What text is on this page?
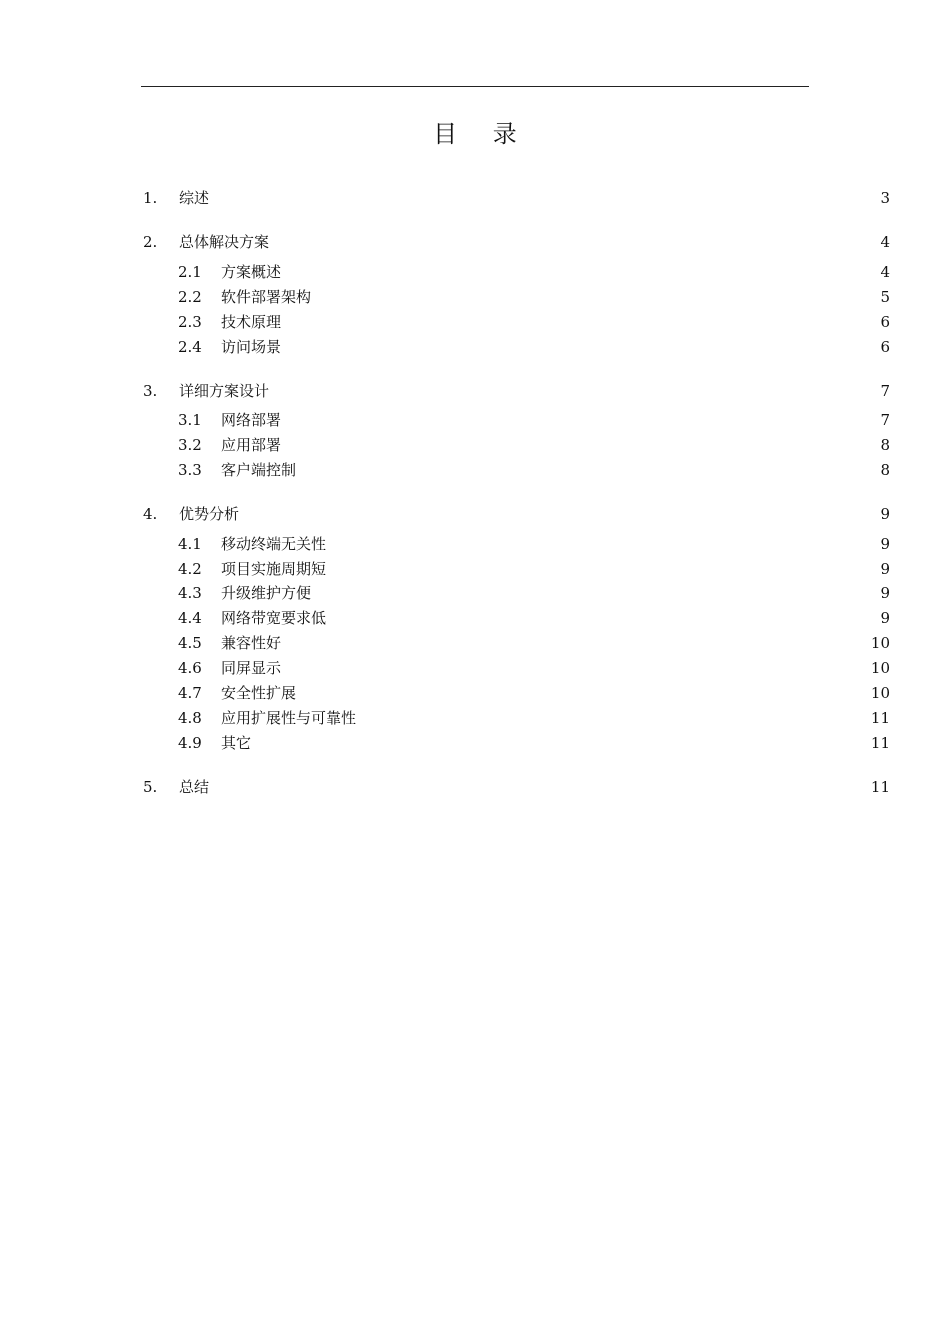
目 录
1. 综述	3
2. 总体解决方案	4
2.1 方案概述	4
2.2 软件部署架构	5
2.3 技术原理	6
2.4 访问场景	6
3. 详细方案设计	7
3.1 网络部署	7
3.2 应用部署	8
3.3 客户端控制	8
4. 优势分析	9
4.1 移动终端无关性	9
4.2 项目实施周期短	9
4.3 升级维护方便	9
4.4 网络带宽要求低	9
4.5 兼容性好	10
4.6 同屏显示	10
4.7 安全性扩展	10
4.8 应用扩展性与可靠性	11
4.9 其它	11
5. 总结	11
